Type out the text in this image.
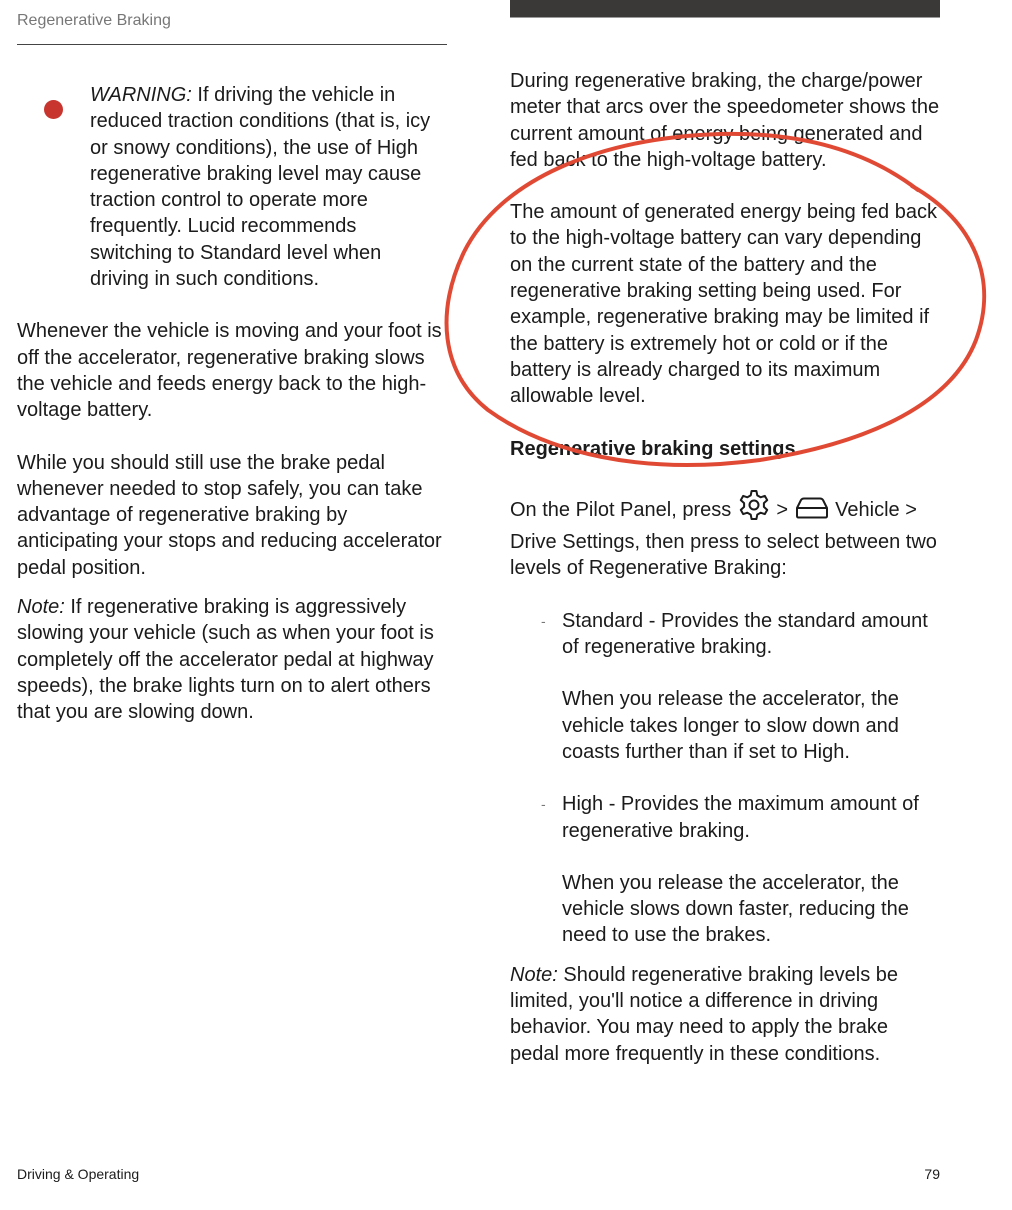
Regenerative Braking

WARNING: If driving the vehicle in reduced traction conditions (that is, icy or snowy conditions), the use of High regenerative braking level may cause traction control to operate more frequently. Lucid recommends switching to Standard level when driving in such conditions.

Whenever the vehicle is moving and your foot is off the accelerator, regenerative braking slows the vehicle and feeds energy back to the high-voltage battery.

While you should still use the brake pedal whenever needed to stop safely, you can take advantage of regenerative braking by anticipating your stops and reducing accelerator pedal position.

Note: If regenerative braking is aggressively slowing your vehicle (such as when your foot is completely off the accelerator pedal at highway speeds), the brake lights turn on to alert others that you are slowing down.

During regenerative braking, the charge/power meter that arcs over the speedometer shows the current amount of energy being generated and fed back to the high-voltage battery.

The amount of generated energy being fed back to the high-voltage battery can vary depending on the current state of the battery and the regenerative braking setting being used. For example, regenerative braking may be limited if the battery is extremely hot or cold or if the battery is already charged to its maximum allowable level.

Regenerative braking settings

On the Pilot Panel, press  >  Vehicle > Drive Settings, then press to select between two levels of Regenerative Braking:

- Standard - Provides the standard amount of regenerative braking.

When you release the accelerator, the vehicle takes longer to slow down and coasts further than if set to High.

- High - Provides the maximum amount of regenerative braking.

When you release the accelerator, the vehicle slows down faster, reducing the need to use the brakes.

Note: Should regenerative braking levels be limited, you'll notice a difference in driving behavior. You may need to apply the brake pedal more frequently in these conditions.

Driving & Operating	79
